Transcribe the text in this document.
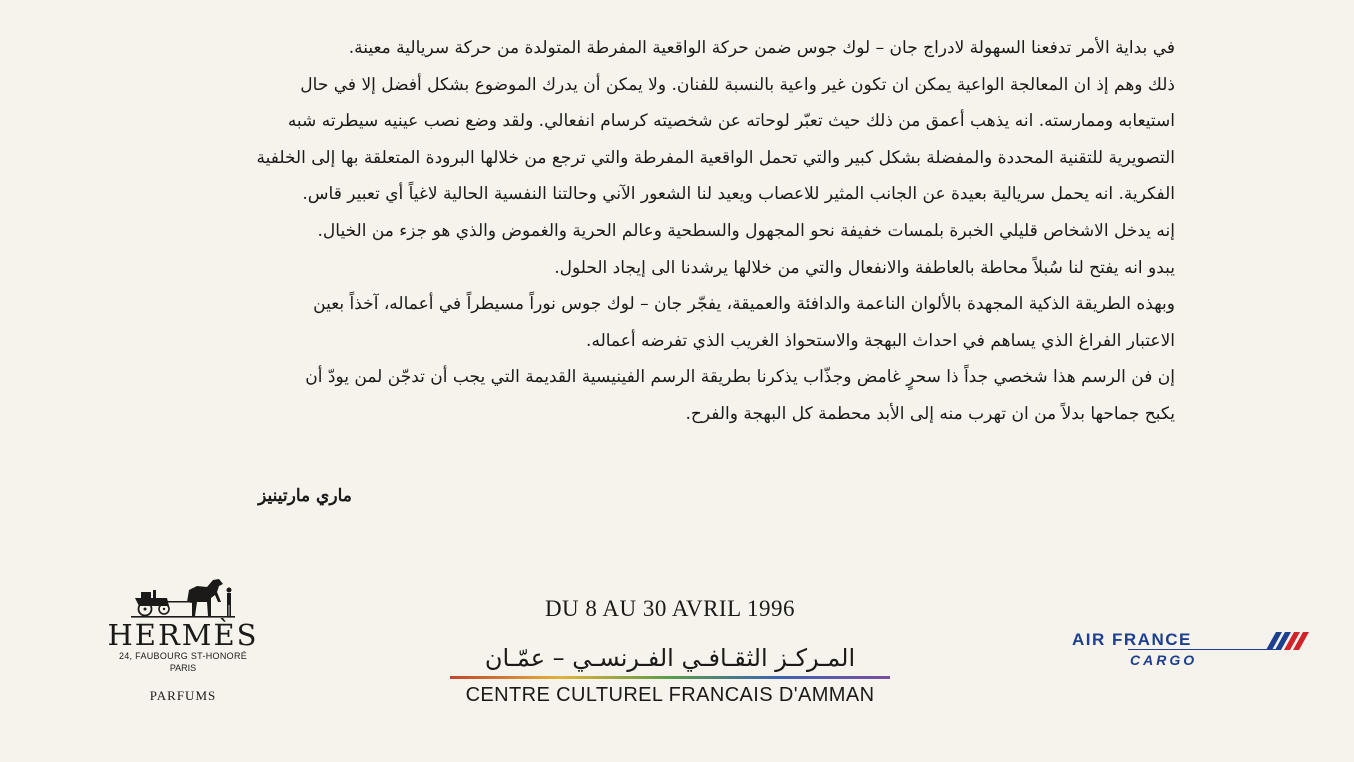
في بداية الأمر تدفعنا السهولة لادراج جان – لوك جوس ضمن حركة الواقعية المفرطة المتولدة من حركة سريالية معينة.
ذلك وهم إذ ان المعالجة الواعية يمكن ان تكون غير واعية بالنسبة للفنان. ولا يمكن أن يدرك الموضوع بشكل أفضل إلا في حال
استيعابه وممارسته. انه يذهب أعمق من ذلك حيث تعبّر لوحاته عن شخصيته كرسام انفعالي. ولقد وضع نصب عينيه سيطرته شبه
التصويرية للتقنية المحددة والمفضلة بشكل كبير والتي تحمل الواقعية المفرطة والتي ترجع من خلالها البرودة المتعلقة بها إلى الخلفية
الفكرية. انه يحمل سريالية بعيدة عن الجانب المثير للاعصاب ويعيد لنا الشعور الآني وحالتنا النفسية الحالية لاغياً أي تعبير قاس.
إنه يدخل الاشخاص قليلي الخبرة بلمسات خفيفة نحو المجهول والسطحية وعالم الحرية والغموض والذي هو جزء من الخيال.
يبدو انه يفتح لنا سُبلاً محاطة بالعاطفة والانفعال والتي من خلالها يرشدنا الى إيجاد الحلول.
وبهذه الطريقة الذكية المجهدة بالألوان الناعمة والدافئة والعميقة، يفجّر جان – لوك جوس نوراً مسيطراً في أعماله، آخذاً بعين
الاعتبار الفراغ الذي يساهم في احداث البهجة والاستحواذ الغريب الذي تفرضه أعماله.
إن فن الرسم هذا شخصي جداً ذا سحرٍ غامض وجذّاب يذكرنا بطريقة الرسم الفينيسية القديمة التي يجب أن تدجّن لمن يودّ أن
يكبح جماحها بدلاً من ان تهرب منه إلى الأبد محطمة كل البهجة والفرح.
ماري مارتينيز
HERMÈS
24, FAUBOURG ST-HONORÉ
PARIS
PARFUMS
DU 8 AU 30 AVRIL 1996
المـركـز الثقـافـي الفـرنسـي – عمّـان
CENTRE CULTUREL FRANCAIS D'AMMAN
AIR FRANCE
CARGO
